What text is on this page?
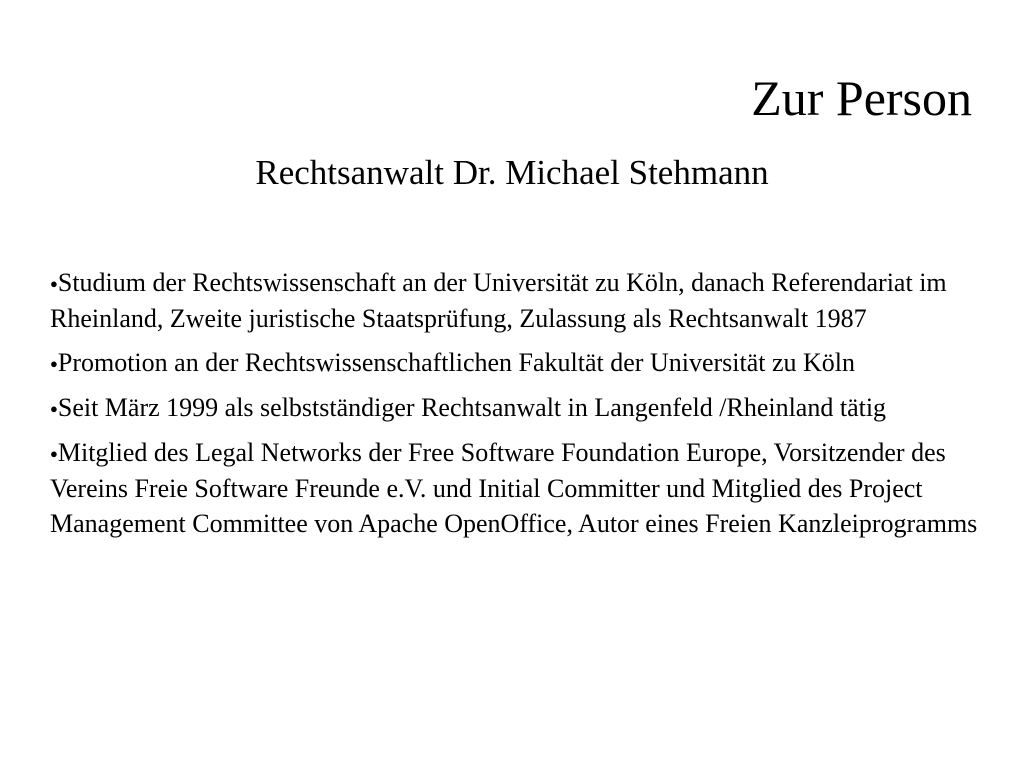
Zur Person
Rechtsanwalt Dr. Michael Stehmann
●Studium der Rechtswissenschaft an der Universität zu Köln, danach Referendariat im Rheinland, Zweite juristische Staatsprüfung, Zulassung als Rechtsanwalt 1987
●Promotion an der Rechtswissenschaftlichen Fakultät der Universität zu Köln
●Seit März 1999 als selbstständiger Rechtsanwalt in Langenfeld /Rheinland tätig
●Mitglied des Legal Networks der Free Software Foundation Europe, Vorsitzender des Vereins Freie Software Freunde e.V. und Initial Committer und Mitglied des Project Management Committee von Apache OpenOffice, Autor eines Freien Kanzleiprogramms
